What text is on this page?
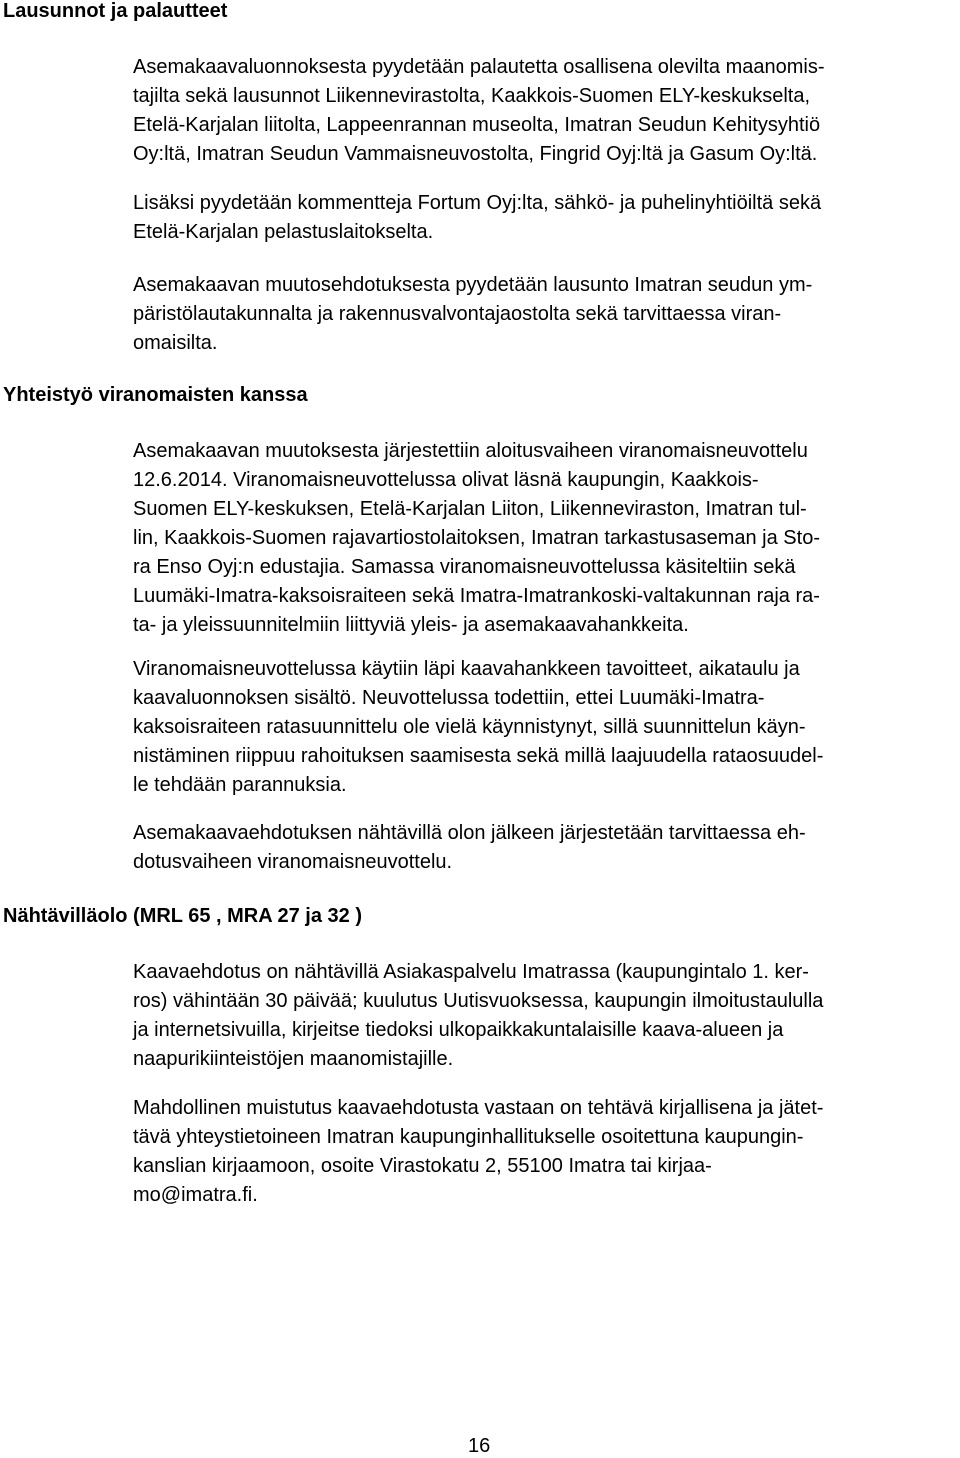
Lausunnot ja palautteet

Asemakaavaluonnoksesta pyydetään palautetta osallisena olevilta maanomis-
tajilta sekä lausunnot Liikennevirastolta, Kaakkois-Suomen ELY-keskukselta,
Etelä-Karjalan liitolta, Lappeenrannan museolta, Imatran Seudun Kehitysyhtiö
Oy:ltä, Imatran Seudun Vammaisneuvostolta, Fingrid Oyj:ltä ja Gasum Oy:ltä.

Lisäksi pyydetään kommentteja Fortum Oyj:lta, sähkö- ja puhelinyhtiöiltä sekä
Etelä-Karjalan pelastuslaitokselta.

Asemakaavan muutosehdotuksesta pyydetään lausunto Imatran seudun ym-
päristölautakunnalta ja rakennusvalvontajaostolta sekä tarvittaessa viran-
omaisilta.

Yhteistyö viranomaisten kanssa

Asemakaavan muutoksesta järjestettiin aloitusvaiheen viranomaisneuvottelu
12.6.2014. Viranomaisneuvottelussa olivat läsnä kaupungin, Kaakkois-
Suomen ELY-keskuksen, Etelä-Karjalan Liiton, Liikenneviraston, Imatran tul-
lin, Kaakkois-Suomen rajavartiostolaitoksen, Imatran tarkastusaseman ja Sto-
ra Enso Oyj:n edustajia. Samassa viranomaisneuvottelussa käsiteltiin sekä
Luumäki-Imatra-kaksoisraiteen sekä Imatra-Imatrankoski-valtakunnan raja ra-
ta- ja yleissuunnitelmiin liittyviä yleis- ja asemakaavahankkeita.

Viranomaisneuvottelussa käytiin läpi kaavahankkeen tavoitteet, aikataulu ja
kaavaluonnoksen sisältö. Neuvottelussa todettiin, ettei Luumäki-Imatra-
kaksoisraiteen ratasuunnittelu ole vielä käynnistynyt, sillä suunnittelun käyn-
nistäminen riippuu rahoituksen saamisesta sekä millä laajuudella rataosuudel-
le tehdään parannuksia.

Asemakaavaehdotuksen nähtävillä olon jälkeen järjestetään tarvittaessa eh-
dotusvaiheen viranomaisneuvottelu.

Nähtävilläolo (MRL 65 , MRA 27 ja 32 )

Kaavaehdotus on nähtävillä Asiakaspalvelu Imatrassa (kaupungintalo 1. ker-
ros) vähintään 30 päivää; kuulutus Uutisvuoksessa, kaupungin ilmoitustaululla
ja internetsivuilla, kirjeitse tiedoksi ulkopaikkakuntalaisille kaava-alueen ja
naapurikiinteistöjen maanomistajille.

Mahdollinen muistutus kaavaehdotusta vastaan on tehtävä kirjallisena ja jätet-
tävä yhteystietoineen Imatran kaupunginhallitukselle osoitettuna kaupungin-
kanslian kirjaamoon, osoite Virastokatu 2, 55100 Imatra tai kirjaa-
mo@imatra.fi.

16
